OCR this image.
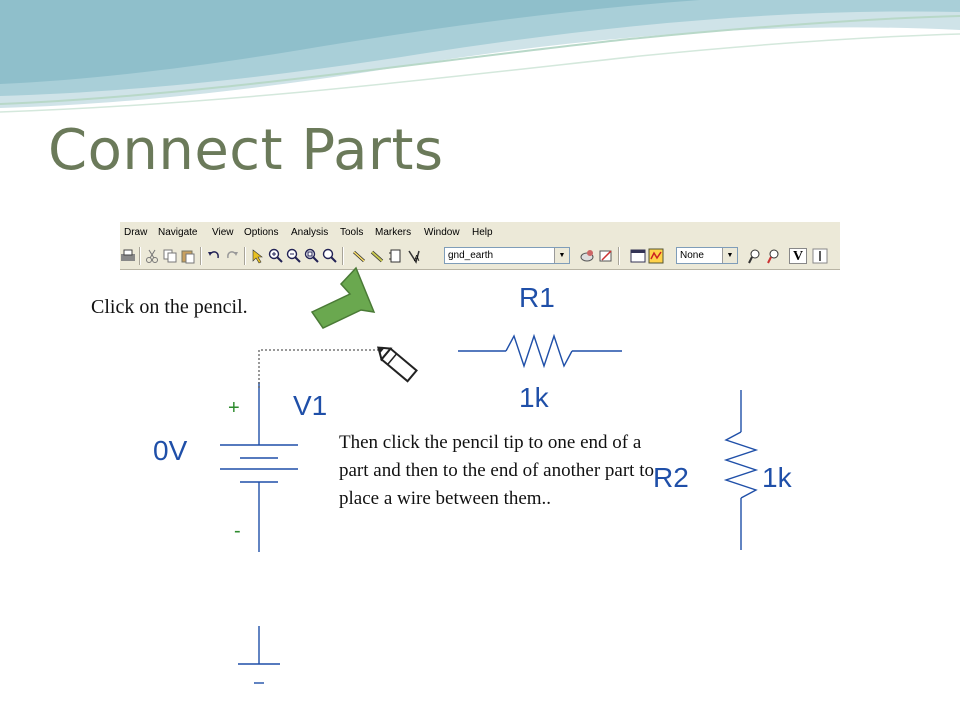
Connect Parts
Draw Navigate View Options Analysis Tools Markers Window Help
A	gnd_earth	▼	None	▼	V
R1
1k
R2	1k
V1
0V
+
-
Click on the pencil.
Then click the pencil tip to one end of a part and then to the end of another part to place a wire between them..
